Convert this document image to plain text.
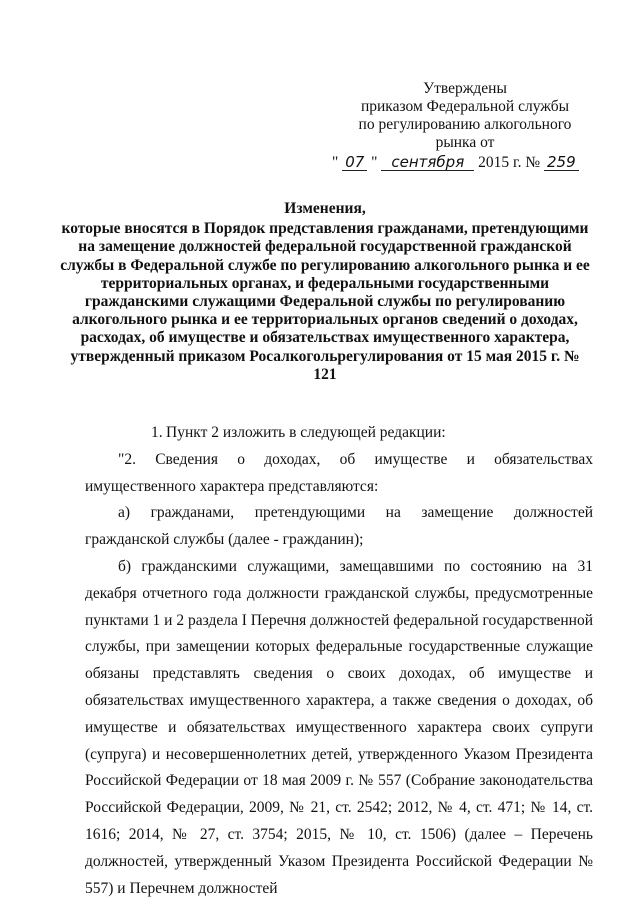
Утверждены
приказом Федеральной службы
по регулированию алкогольного
рынка от
" 07 " сентября 2015 г. № 259
Изменения,
которые вносятся в Порядок представления гражданами, претендующими на замещение должностей федеральной государственной гражданской службы в Федеральной службе по регулированию алкогольного рынка и ее территориальных органах, и федеральными государственными гражданскими служащими Федеральной службы по регулированию алкогольного рынка и ее территориальных органов сведений о доходах, расходах, об имуществе и обязательствах имущественного характера, утвержденный приказом Росалкогольрегулирования от 15 мая 2015 г. № 121

1. Пункт 2 изложить в следующей редакции:

"2. Сведения о доходах, об имуществе и обязательствах имущественного характера представляются:

а) гражданами, претендующими на замещение должностей гражданской службы (далее - гражданин);

б) гражданскими служащими, замещавшими по состоянию на 31 декабря отчетного года должности гражданской службы, предусмотренные пунктами 1 и 2 раздела I Перечня должностей федеральной государственной службы, при замещении которых федеральные государственные служащие обязаны представлять сведения о своих доходах, об имуществе и обязательствах имущественного характера, а также сведения о доходах, об имуществе и обязательствах имущественного характера своих супруги (супруга) и несовершеннолетних детей, утвержденного Указом Президента Российской Федерации от 18 мая 2009 г. № 557 (Собрание законодательства Российской Федерации, 2009, № 21, ст. 2542; 2012, № 4, ст. 471; № 14, ст. 1616; 2014, № 27, ст. 3754; 2015, № 10, ст. 1506) (далее – Перечень должностей, утвержденный Указом Президента Российской Федерации № 557) и Перечнем должностей
